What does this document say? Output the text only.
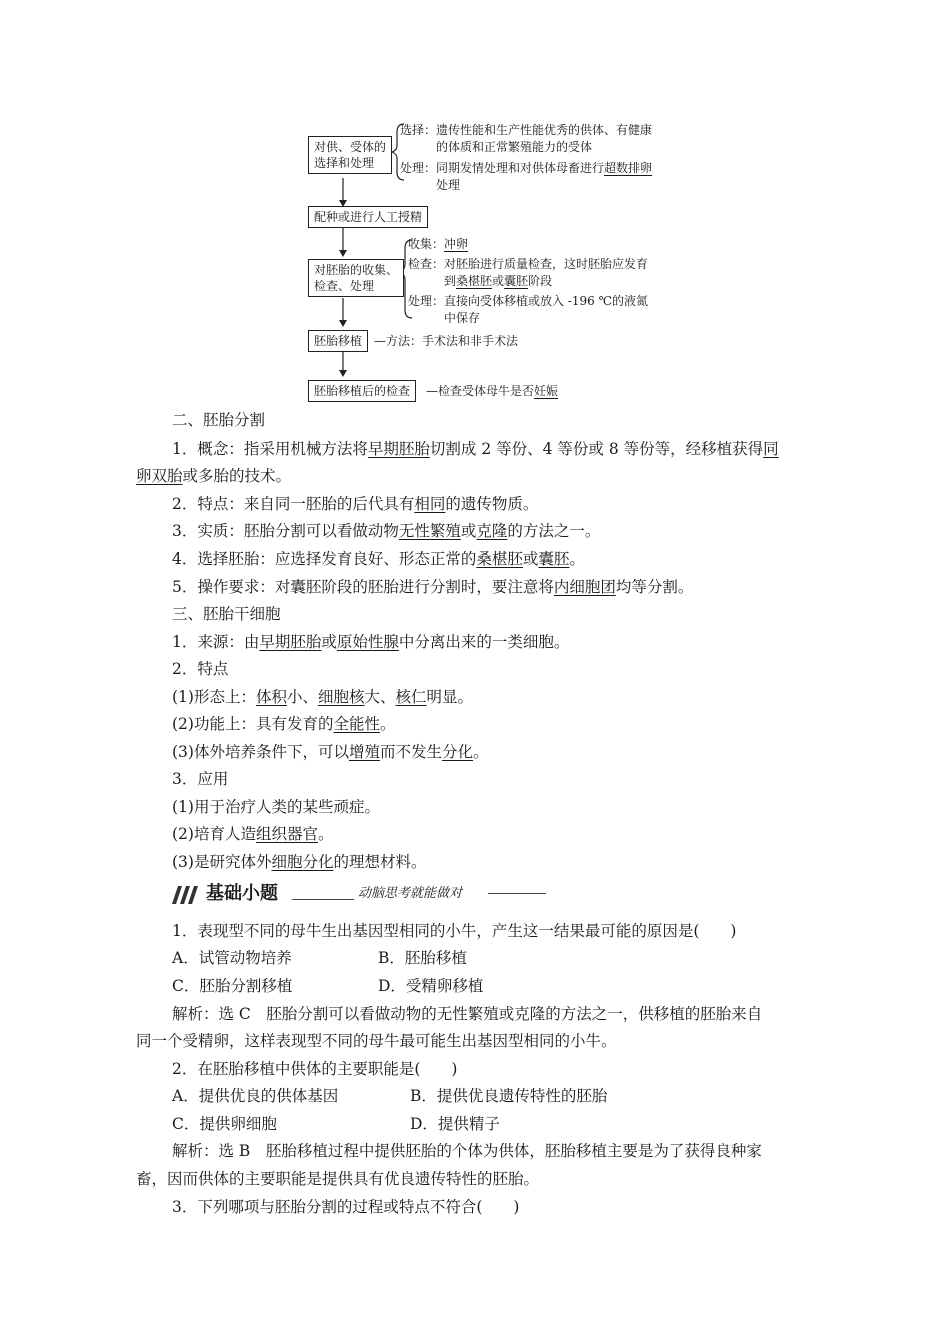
对供、受体的
选择和处理
选择：遗传性能和生产性能优秀的供体、有健康
的体质和正常繁殖能力的受体
处理：同期发情处理和对供体母畜进行超数排卵
处理
配种或进行人工授精
对胚胎的收集、
检查、处理
收集：冲卵
检查：对胚胎进行质量检查，这时胚胎应发育
到桑椹胚或囊胚阶段
处理：直接向受体移植或放入 -196 ℃的液氮
中保存
胚胎移植 —方法：手术法和非手术法
胚胎移植后的检查	—检查受体母牛是否妊娠
二、胚胎分割
1．概念：指采用机械方法将早期胚胎切割成 2 等份、4 等份或 8 等份等，经移植获得同
卵双胎或多胎的技术。
2．特点：来自同一胚胎的后代具有相同的遗传物质。
3．实质：胚胎分割可以看做动物无性繁殖或克隆的方法之一。
4．选择胚胎：应选择发育良好、形态正常的桑椹胚或囊胚。
5．操作要求：对囊胚阶段的胚胎进行分割时，要注意将内细胞团均等分割。
三、胚胎干细胞
1．来源：由早期胚胎或原始性腺中分离出来的一类细胞。
2．特点
(1)形态上：体积小、细胞核大、核仁明显。
(2)功能上：具有发育的全能性。
(3)体外培养条件下，可以增殖而不发生分化。
3．应用
(1)用于治疗人类的某些顽症。
(2)培育人造组织器官。
(3)是研究体外细胞分化的理想材料。
基础小题	动脑思考就能做对
1．表现型不同的母牛生出基因型相同的小牛，产生这一结果最可能的原因是(　　)
A．试管动物培养	B．胚胎移植
C．胚胎分割移植	D．受精卵移植
解析：选 C　胚胎分割可以看做动物的无性繁殖或克隆的方法之一，供移植的胚胎来自
同一个受精卵，这样表现型不同的母牛最可能生出基因型相同的小牛。
2．在胚胎移植中供体的主要职能是(　　)
A．提供优良的供体基因	B．提供优良遗传特性的胚胎
C．提供卵细胞	D．提供精子
解析：选 B　胚胎移植过程中提供胚胎的个体为供体，胚胎移植主要是为了获得良种家
畜，因而供体的主要职能是提供具有优良遗传特性的胚胎。
3．下列哪项与胚胎分割的过程或特点不符合(　　)
